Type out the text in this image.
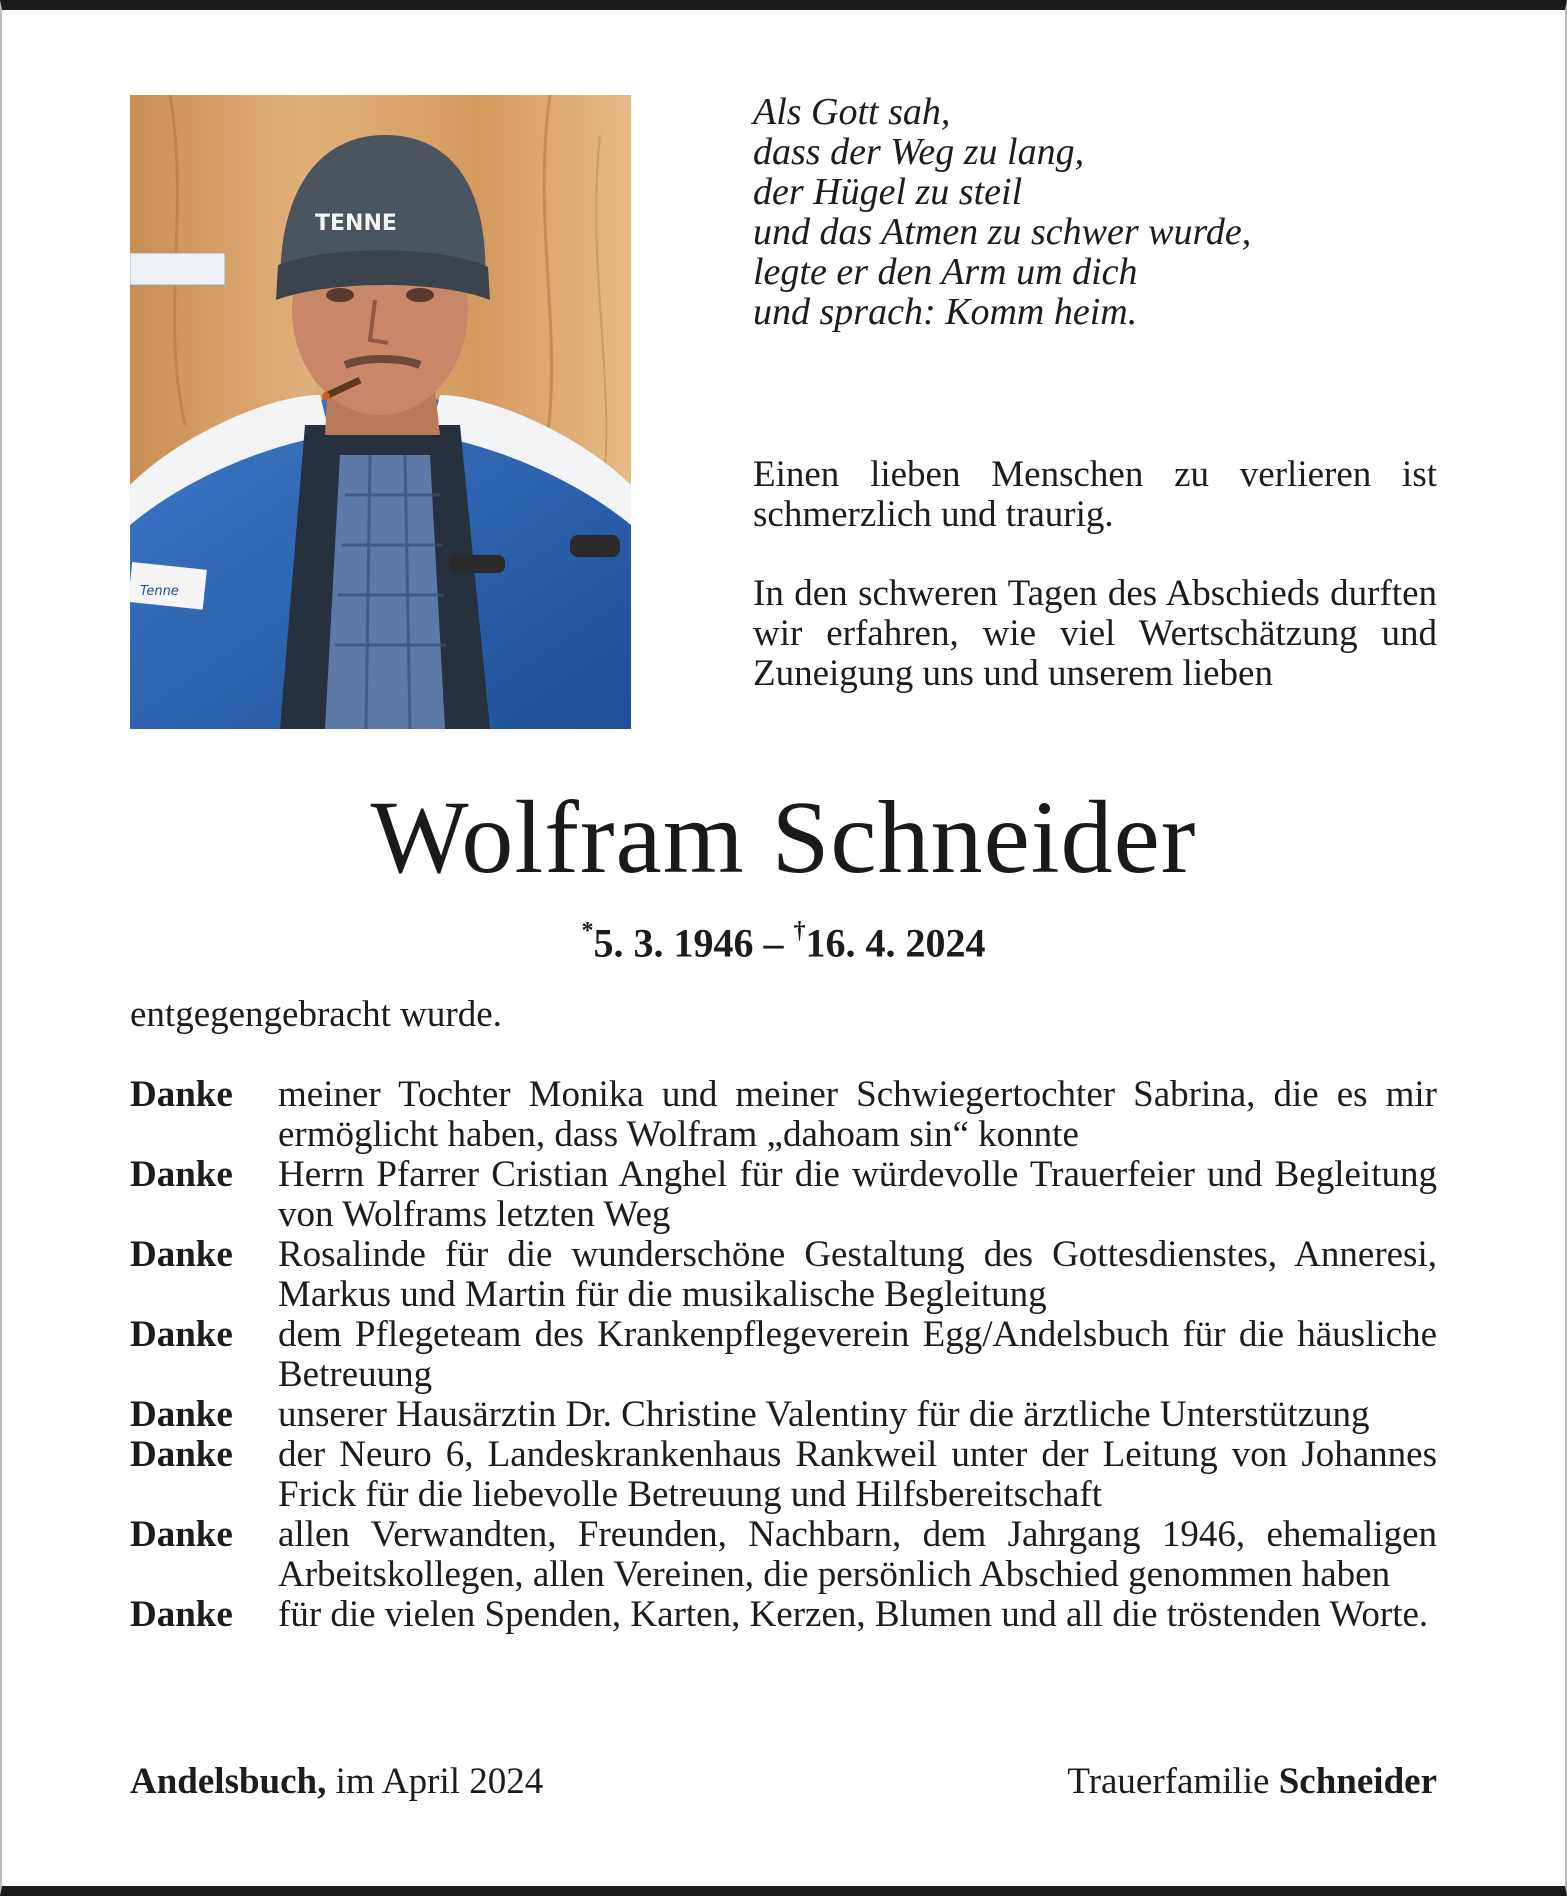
Tenne
TENNE
Als Gott sah,
dass der Weg zu lang,
der Hügel zu steil
und das Atmen zu schwer wurde,
legte er den Arm um dich
und sprach: Komm heim.
Einen lieben Menschen zu verlieren ist schmerzlich und traurig.
In den schweren Tagen des Abschieds durften wir erfahren, wie viel Wertschätzung und Zuneigung uns und unserem lieben
Wolfram Schneider
*5. 3. 1946 – †16. 4. 2024
entgegengebracht wurde.
Danke	meiner Tochter Monika und meiner Schwiegertochter Sabrina, die es mir ermöglicht haben, dass Wolfram „dahoam sin“ konnte
Danke	Herrn Pfarrer Cristian Anghel für die würdevolle Trauerfeier und Begleitung von Wolframs letzten Weg
Danke	Rosalinde für die wunderschöne Gestaltung des Gottesdienstes, Anneresi, Markus und Martin für die musikalische Begleitung
Danke	dem Pflegeteam des Krankenpflegeverein Egg/Andelsbuch für die häusliche Betreuung
Danke	unserer Hausärztin Dr. Christine Valentiny für die ärztliche Unterstützung
Danke	der Neuro 6, Landeskrankenhaus Rankweil unter der Leitung von Johannes Frick für die liebevolle Betreuung und Hilfsbereitschaft
Danke	allen Verwandten, Freunden, Nachbarn, dem Jahrgang 1946, ehemaligen Arbeitskollegen, allen Vereinen, die persönlich Abschied genommen haben
Danke	für die vielen Spenden, Karten, Kerzen, Blumen und all die tröstenden Worte.
Andelsbuch, im April 2024	Trauerfamilie Schneider
